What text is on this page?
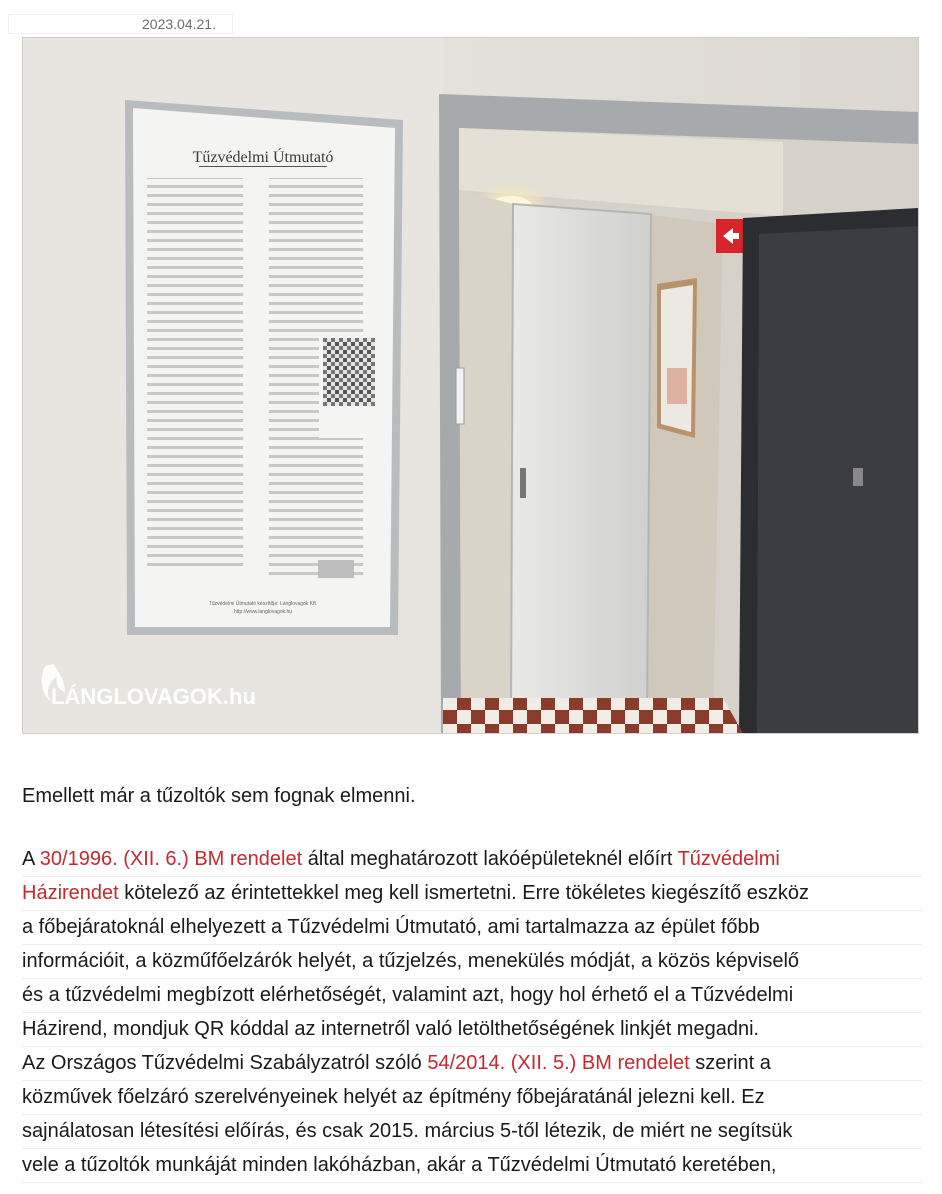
2023.04.21.
Tűzvédelmi Útmutató
Tűzvédelmi Útmutató készítője: Lánglovagok Kft.
http://www.langlovagok.hu
LÁNGLOVAGOK.hu

Emellett már a tűzoltók sem fognak elmenni.

A 30/1996. (XII. 6.) BM rendelet által meghatározott lakóépületeknél előírt Tűzvédelmi
Házirendet kötelező az érintettekkel meg kell ismertetni. Erre tökéletes kiegészítő eszköz
a főbejáratoknál elhelyezett a Tűzvédelmi Útmutató, ami tartalmazza az épület főbb
információit, a közműfőelzárók helyét, a tűzjelzés, menekülés módját, a közös képviselő
és a tűzvédelmi megbízott elérhetőségét, valamint azt, hogy hol érhető el a Tűzvédelmi
Házirend, mondjuk QR kóddal az internetről való letölthetőségének linkjét megadni.
Az Országos Tűzvédelmi Szabályzatról szóló 54/2014. (XII. 5.) BM rendelet szerint a
közművek főelzáró szerelvényeinek helyét az építmény főbejáratánál jelezni kell. Ez
sajnálatosan létesítési előírás, és csak 2015. március 5-től létezik, de miért ne segítsük
vele a tűzoltók munkáját minden lakóházban, akár a Tűzvédelmi Útmutató keretében,
